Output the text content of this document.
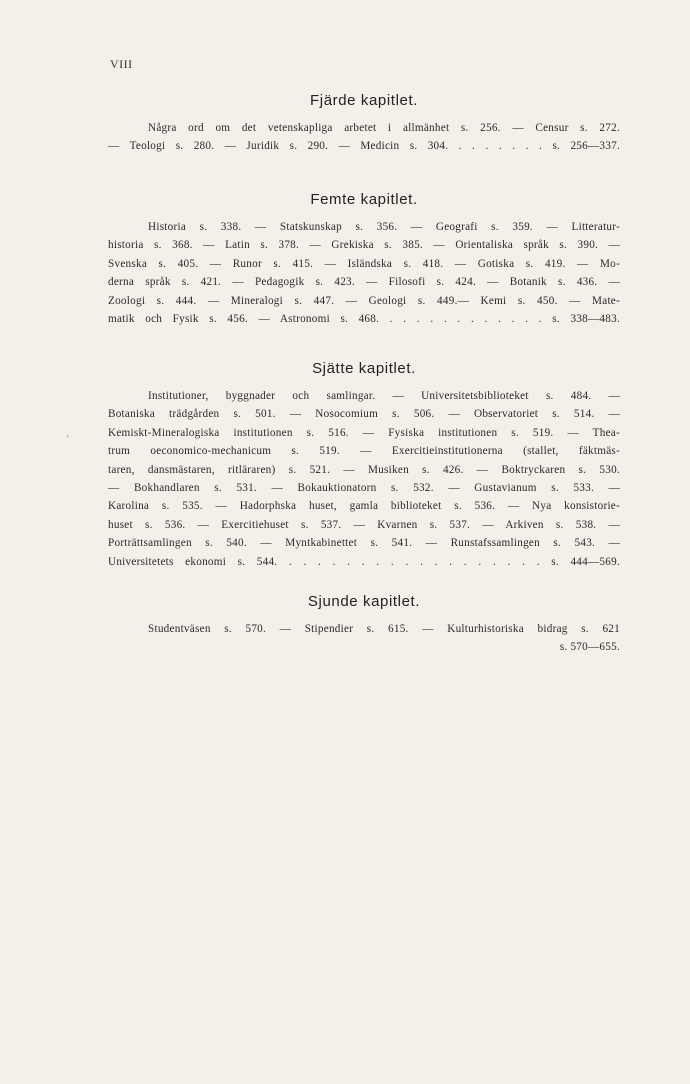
VIII
ʻ
Fjärde kapitlet.
Några ord om det vetenskapliga arbetet i allmänhet s. 256. — Censur s. 272.
— Teologi s. 280. — Juridik s. 290. — Medicin s. 304. . . . . . . . s. 256—337.
Femte kapitlet.
Historia s. 338. — Statskunskap s. 356. — Geografi s. 359. — Litteratur-
historia s. 368. — Latin s. 378. — Grekiska s. 385. — Orientaliska språk s. 390. —
Svenska s. 405. — Runor s. 415. — Isländska s. 418. — Gotiska s. 419. — Mo-
derna språk s. 421. — Pedagogik s. 423. — Filosofi s. 424. — Botanik s. 436. —
Zoologi s. 444. — Mineralogi s. 447. — Geologi s. 449.— Kemi s. 450. — Mate-
matik och Fysik s. 456. — Astronomi s. 468. . . . . . . . . . . . . s. 338—483.
Sjätte kapitlet.
Institutioner, byggnader och samlingar. — Universitetsbiblioteket s. 484. —
Botaniska trädgården s. 501. — Nosocomium s. 506. — Observatoriet s. 514. —
Kemiskt-Mineralogiska institutionen s. 516. — Fysiska institutionen s. 519. — Thea-
trum oeconomico-mechanicum s. 519. — Exercitieinstitutionerna (stallet, fäktmäs-
taren, dansmästaren, ritläraren) s. 521. — Musiken s. 426. — Boktryckaren s. 530.
— Bokhandlaren s. 531. — Bokauktionatorn s. 532. — Gustavianum s. 533. —
Karolina s. 535. — Hadorphska huset, gamla biblioteket s. 536. — Nya konsistorie-
huset s. 536. — Exercitiehuset s. 537. — Kvarnen s. 537. — Arkiven s. 538. —
Porträttsamlingen s. 540. — Myntkabinettet s. 541. — Runstafssamlingen s. 543. —
Universitetets ekonomi s. 544. . . . . . . . . . . . . . . . . . . s. 444—569.
Sjunde kapitlet.
Studentväsen s. 570. — Stipendier s. 615. — Kulturhistoriska bidrag s. 621
s. 570—655.
